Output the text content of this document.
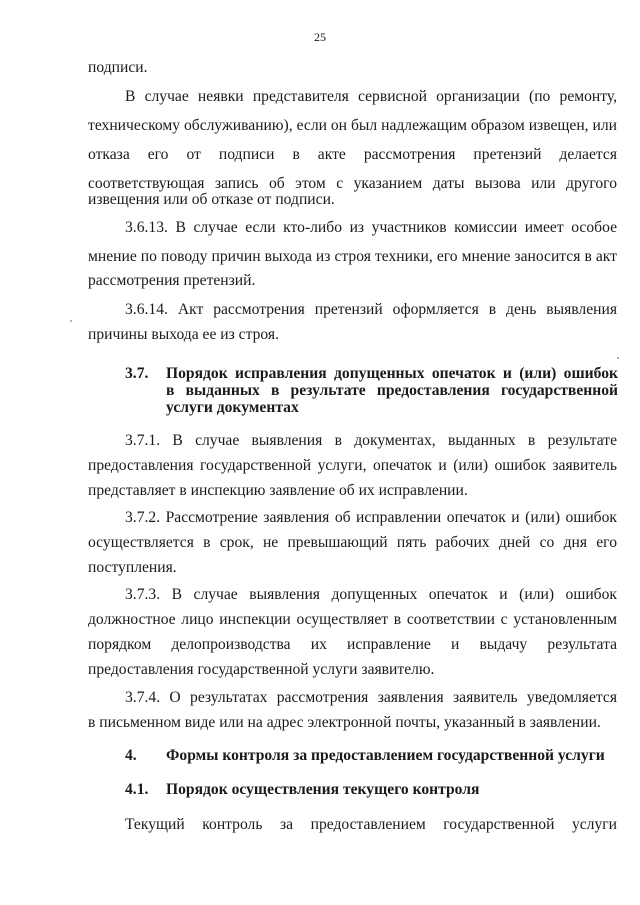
25
подписи.
В случае неявки представителя сервисной организации (по ремонту,
техническому обслуживанию), если он был надлежащим образом извещен, или
отказа его от подписи в акте рассмотрения претензий делается
соответствующая запись об этом с указанием даты вызова или другого
извещения или об отказе от подписи.
3.6.13. В случае если кто-либо из участников комиссии имеет особое
мнение по поводу причин выхода из строя техники, его мнение заносится в акт
рассмотрения претензий.
3.6.14. Акт рассмотрения претензий оформляется в день выявления
причины выхода ее из строя.
3.7. Порядок исправления допущенных опечаток и (или) ошибок
в выданных в результате предоставления государственной
услуги документах
3.7.1. В случае выявления в документах, выданных в результате
предоставления государственной услуги, опечаток и (или) ошибок заявитель
представляет в инспекцию заявление об их исправлении.
3.7.2. Рассмотрение заявления об исправлении опечаток и (или) ошибок
осуществляется в срок, не превышающий пять рабочих дней со дня его
поступления.
3.7.3. В случае выявления допущенных опечаток и (или) ошибок
должностное лицо инспекции осуществляет в соответствии с установленным
порядком делопроизводства их исправление и выдачу результата
предоставления государственной услуги заявителю.
3.7.4. О результатах рассмотрения заявления заявитель уведомляется
в письменном виде или на адрес электронной почты, указанный в заявлении.
4. Формы контроля за предоставлением государственной услуги
4.1. Порядок осуществления текущего контроля
Текущий контроль за предоставлением государственной услуги
